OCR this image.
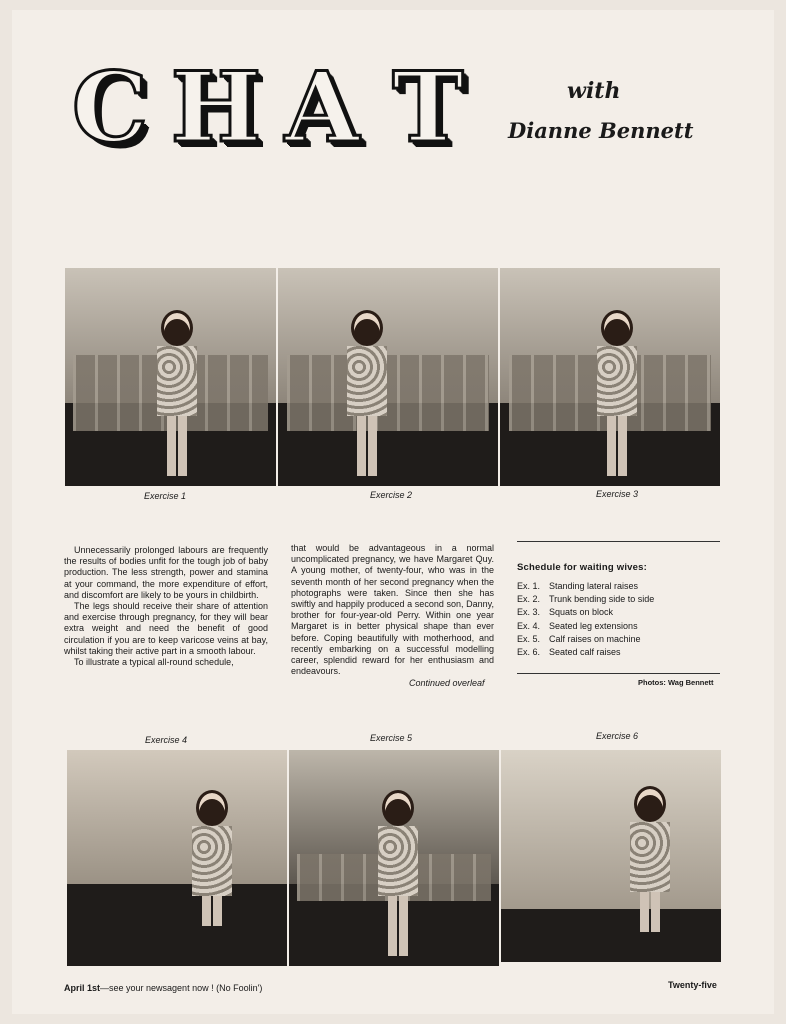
C H A T	with
Dianne Bennett
Exercise 1	Exercise 2	Exercise 3

Unnecessarily prolonged labours are frequently the results of bodies unfit for the tough job of baby production. The less strength, power and stamina at your command, the more expenditure of effort, and discomfort are likely to be yours in childbirth.

The legs should receive their share of attention and exercise through pregnancy, for they will bear extra weight and need the benefit of good circulation if you are to keep varicose veins at bay, whilst taking their active part in a smooth labour.

To illustrate a typical all-round schedule,

that would be advantageous in a normal uncomplicated pregnancy, we have Margaret Quy. A young mother, of twenty-four, who was in the seventh month of her second pregnancy when the photographs were taken. Since then she has swiftly and happily produced a second son, Danny, brother for four-year-old Perry. Within one year Margaret is in better physical shape than ever before. Coping beautifully with motherhood, and recently embarking on a successful modelling career, splendid reward for her enthusiasm and endeavours.

Continued overleaf
Schedule for waiting wives:
Ex. 1. Standing lateral raises
Ex. 2. Trunk bending side to side
Ex. 3. Squats on block
Ex. 4. Seated leg extensions
Ex. 5. Calf raises on machine
Ex. 6. Seated calf raises
Photos: Wag Bennett
Exercise 4	Exercise 5	Exercise 6
April 1st—see your newsagent now ! (No Foolin')	Twenty-five
